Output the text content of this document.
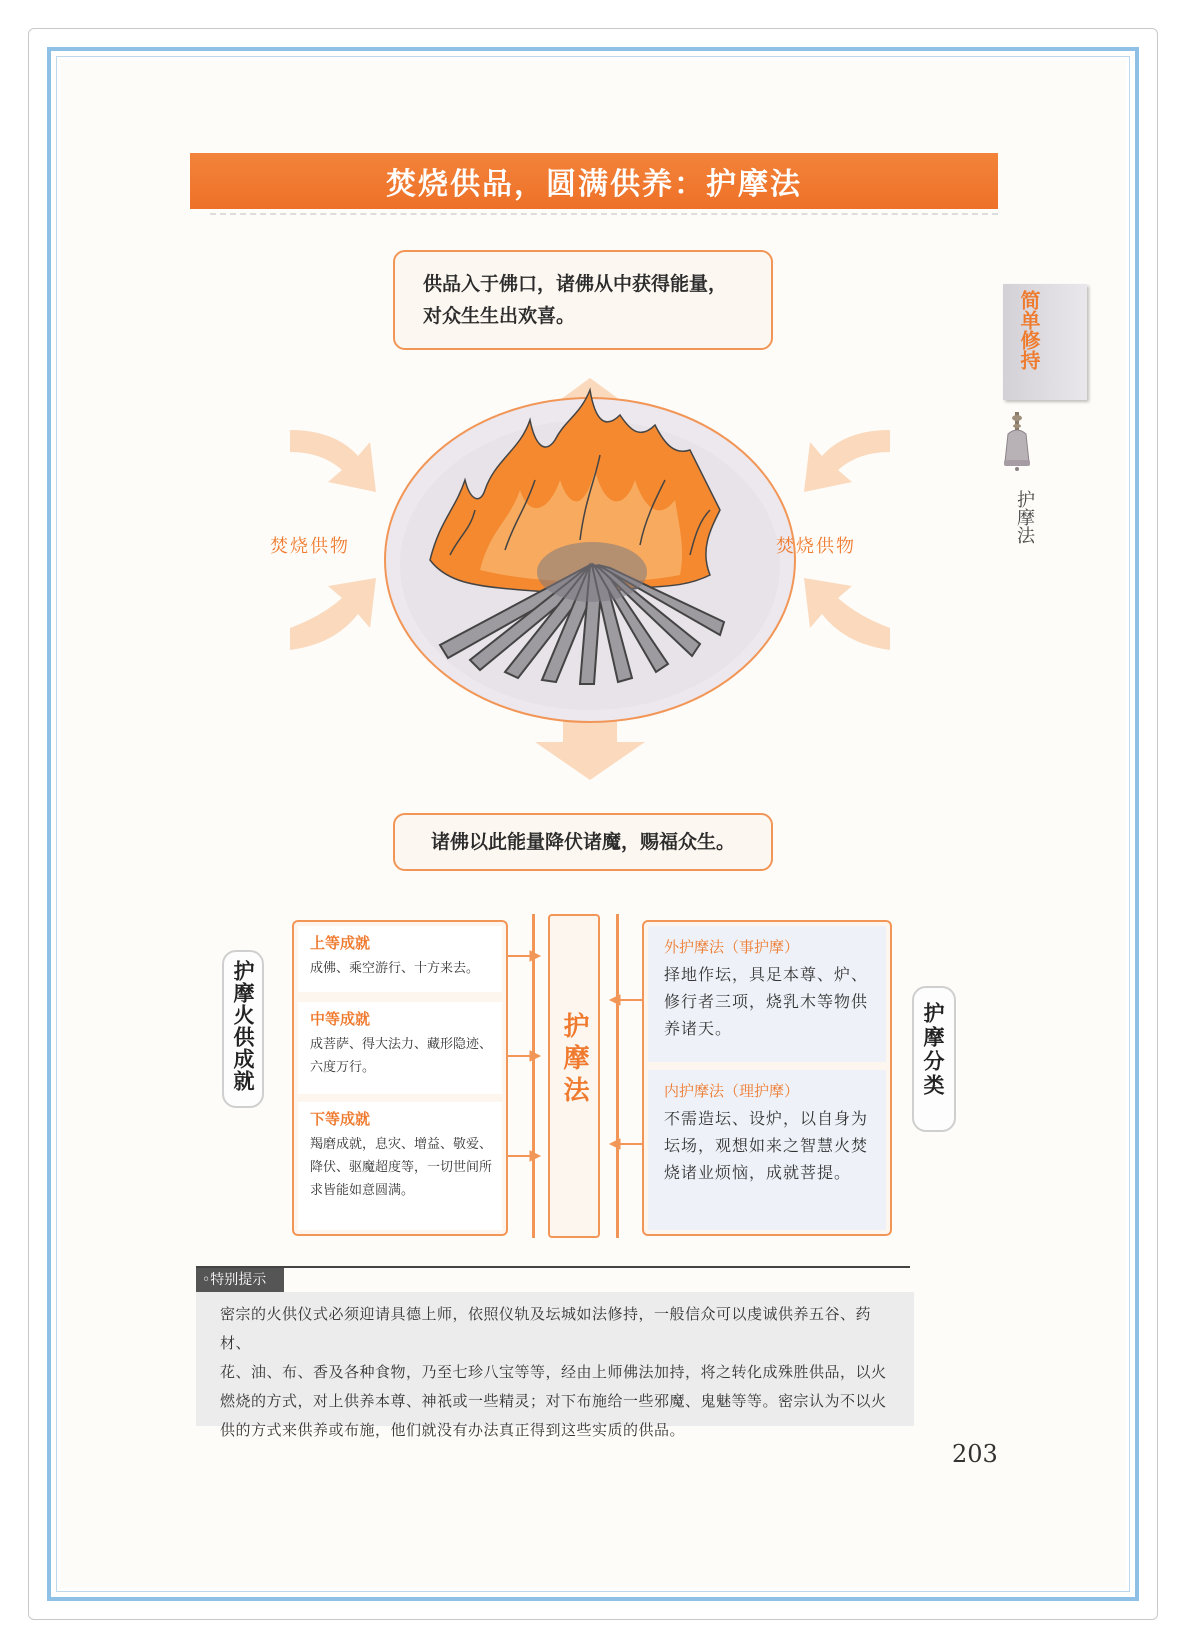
焚烧供品，圆满供养：护摩法
简单修持
护摩法
供品入于佛口，诸佛从中获得能量，
对众生生出欢喜。
焚烧供物	焚烧供物
诸佛以此能量降伏诸魔，赐福众生。
护摩火供成就
上等成就
成佛、乘空游行、十方来去。
中等成就
成菩萨、得大法力、藏形隐迹、六度万行。
下等成就
羯磨成就，息灾、增益、敬爱、降伏、驱魔超度等，一切世间所求皆能如意圆满。
护摩法
外护摩法（事护摩）
择地作坛，具足本尊、炉、修行者三项，烧乳木等物供养诸天。
内护摩法（理护摩）
不需造坛、设炉，以自身为坛场，观想如来之智慧火焚烧诸业烦恼，成就菩提。
护摩分类
◦特别提示
密宗的火供仪式必须迎请具德上师，依照仪轨及坛城如法修持，一般信众可以虔诚供养五谷、药材、
花、油、布、香及各种食物，乃至七珍八宝等等，经由上师佛法加持，将之转化成殊胜供品，以火
燃烧的方式，对上供养本尊、神祇或一些精灵；对下布施给一些邪魔、鬼魅等等。密宗认为不以火
供的方式来供养或布施，他们就没有办法真正得到这些实质的供品。
203
